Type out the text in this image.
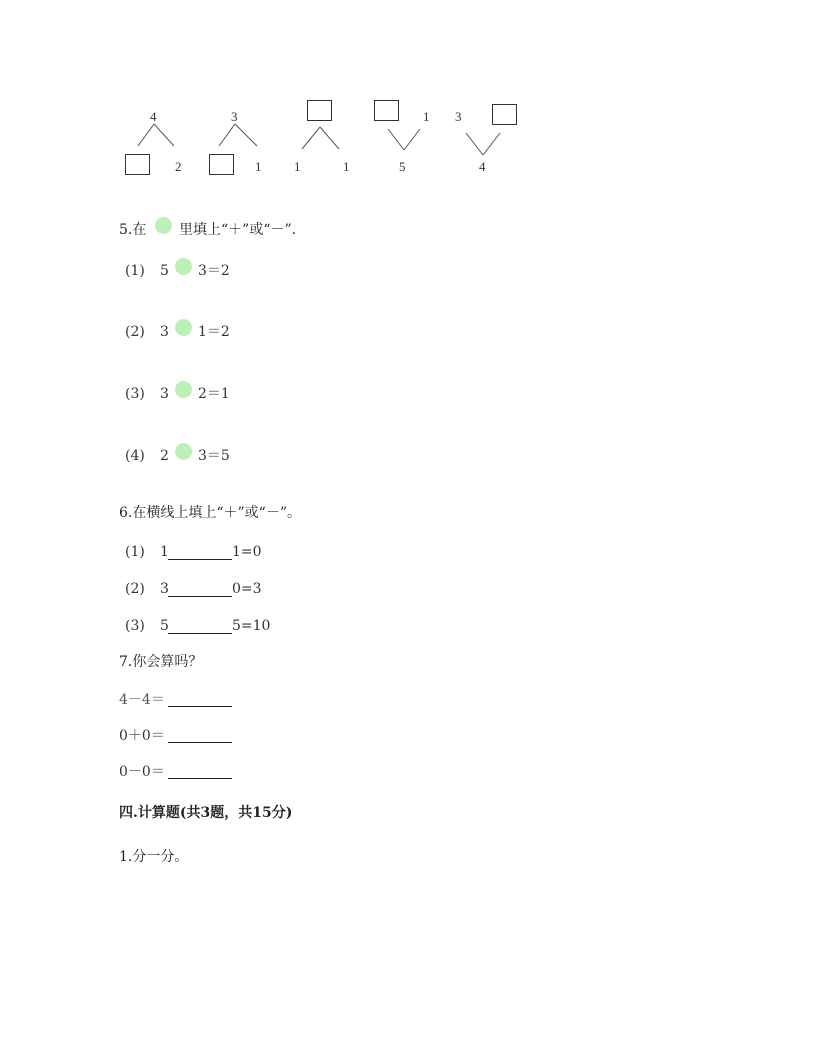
4
2
3
1	1	1
1
5
3
4
5.在 里填上“＋”或“－”.
(1) 5 3＝2
(2) 3 1＝2
(3) 3 2＝1
(4) 2 3＝5
6.在横线上填上“＋”或“－”。
(1) 1	1=0
(2) 3	0=3
(3) 5	5=10
7.你会算吗？
4－4＝
0＋0＝
0－0＝
四.计算题(共3题，共15分)
1.分一分。
